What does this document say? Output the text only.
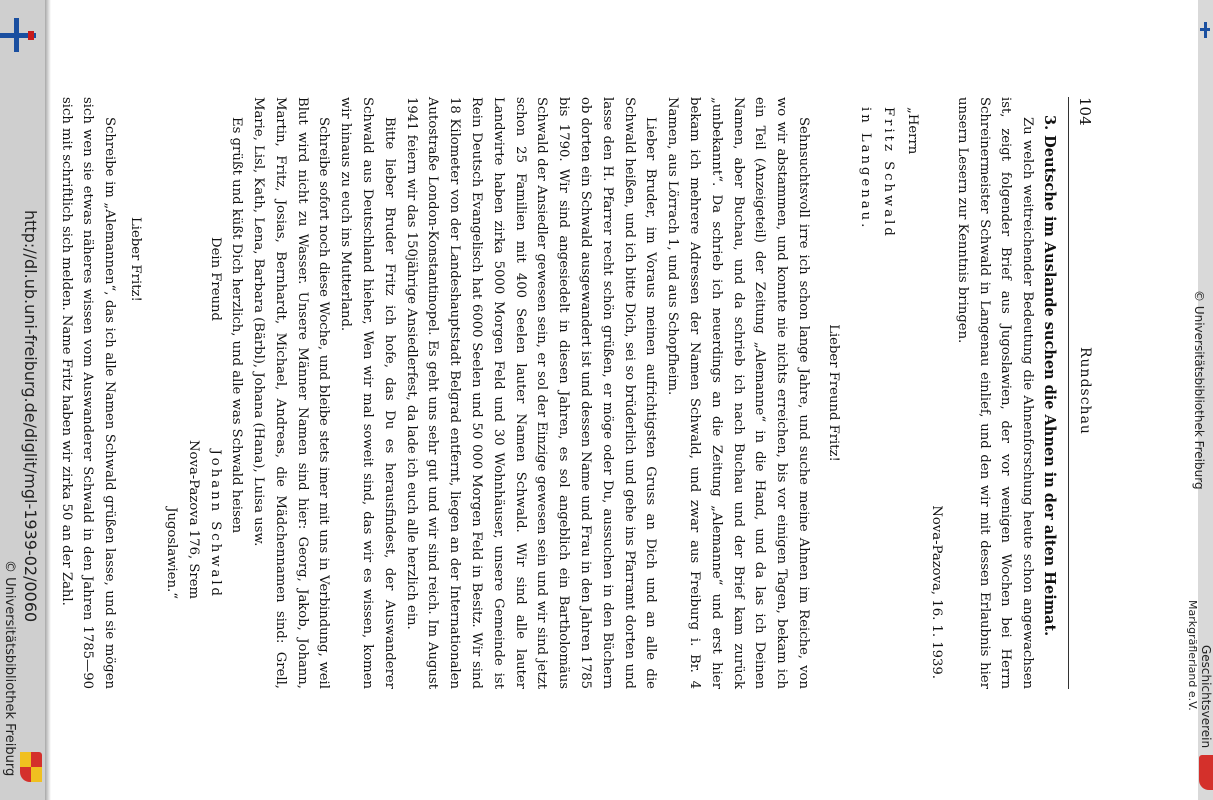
http://dl.ub.uni-freiburg.de/diglit/mgl-1939-02/0060
© Universitätsbibliothek Freiburg	Geschichtsverein
Markgräflerland e.V.
© Universitätsbibliothek Freiburg
104
Rundschau
3. Deutsche im Auslande suchen die Ahnen in der alten Heimat.

Zu welch weitreichender Bedeutung die Ahnenforschung heute schon angewachsen ist, zeigt folgender Brief aus Jugoslawien, der vor wenigen Wochen bei Herrn Schreinermeister Schwald in Langenau einlief, und den wir mit dessen Erlaubnis hier unsern Lesern zur Kenntnis bringen.

Nova-Pazova, 16. 1. 1939.
„Herrn
Fritz Schwald
in Langenau.
Lieber Freund Fritz!

Sehnsuchtsvoll irre ich schon lange Jahre, und suche meine Ahnen im Reiche, von wo wir abstammen, und konnte nie nichts erreichen, bis vor einigen Tagen, bekam ich ein Teil (Anzeigeteil) der Zeitung „Alemanne“ in die Hand, und da las ich Deinen Namen, aber Buchau, und da schrieb ich nach Buchau und der Brief kam zurück „unbekannt“. Da schrieb ich neuerdings an die Zeitung „Alemanne“ und erst hier bekam ich mehrere Adressen der Namen Schwald, und zwar aus Freiburg i. Br. 4 Namen, aus Lörrach 1, und aus Schopfheim.

Lieber Bruder, im Voraus meinen aufrichtigsten Gruss an Dich und an alle die Schwald heißen, und ich bitte Dich, sei so brüderlich und gehe ins Pfarramt dorten und lasse den H. Pfarrer recht schön grüßen, er möge oder Du, aussuchen in den Büchern ob dorten ein Schwald ausgewandert ist und dessen Name und Frau in den Jahren 1785 bis 1790. Wir sind angesiedelt in diesen Jahren, es sol angeblich ein Bartholomäus Schwald der Ansiedler gewesen sein, er sol der Einzige gewesen sein und wir sind jetzt schon 25 Familien mit 400 Seelen lauter Namen Schwald. Wir sind alle lauter Landwirte haben zirka 5000 Morgen Feld und 30 Wohnhäuser, unsere Gemeinde ist Rein Deutsch Evangelisch hat 6000 Seelen und 50 000 Morgen Feld in Besitz. Wir sind 18 Kilometer von der Landeshauptstadt Belgrad entfernt, liegen an der Internationalen Autostraße London-Konstantinopel. Es geht uns sehr gut und wir sind reich. Im August 1941 feiern wir das 150jährige Ansiedlerfest, da lade ich euch alle herzlich ein.

Bitte lieber Bruder Fritz ich hofe, das Du es herausfindest, der Auswanderer Schwald aus Deutschland hieher, Wen wir mal soweit sind, das wir es wissen, komen wir hinaus zu euch ins Mutterland.

Schreibe sofort noch diese Woche, und bleibe stets imer mit uns in Verbindung, weil Blut wird nicht zu Wasser. Unsere Männer Namen sind hier: Georg, Jakob, Johann, Martin, Fritz, Josias, Bernhardt, Michael, Andreas, die Mädchennamen sind: Grell, Marie, Lisl, Kath, Lena, Barbara (Bärbl), Johana (Hana), Luisa usw.

Es grüßt und küßt Dich herzlich, und alle was Schwald heisen

Dein Freund
Johann Schwald

Nova-Pazova 176, Srem

Jugoslawien.“

Lieber Fritz!

Schreibe im „Alemannen“, das ich alle Namen Schwald grüßen lasse, und sie mögen sich wen sie etwas näheres wissen vom Auswanderer Schwald in den Jahren 1785—90 sich mit schriftlich sich melden. Name Fritz haben wir zirka 50 an der Zahl.
